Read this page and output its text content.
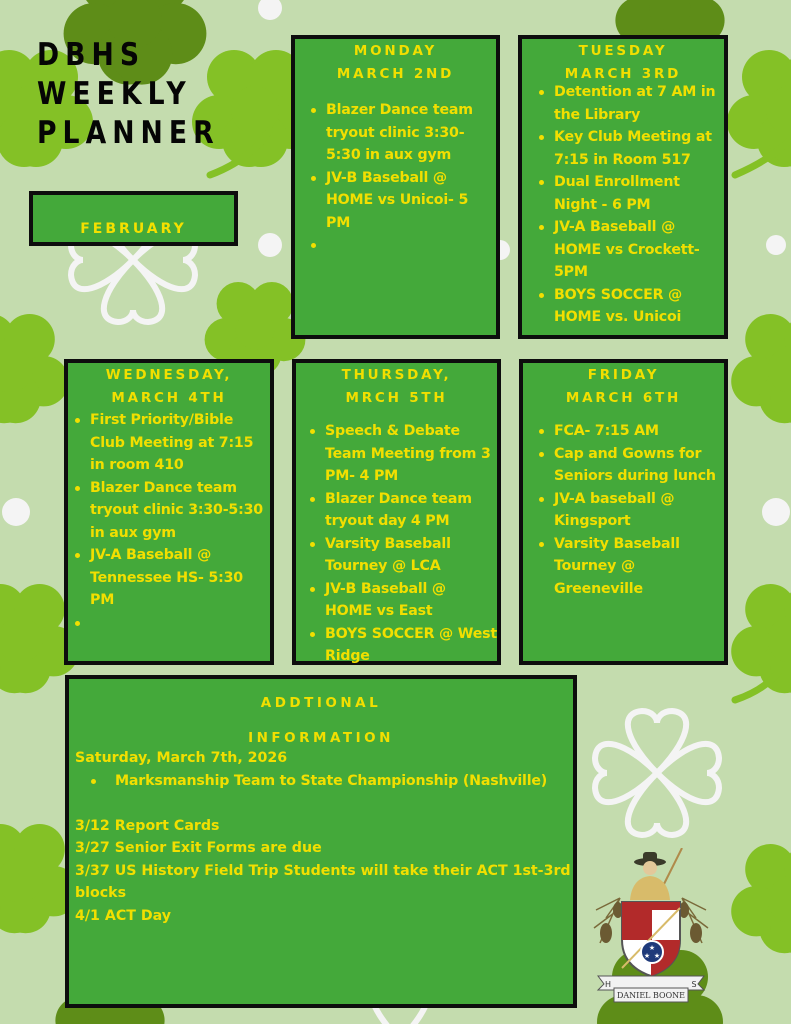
DBHS
WEEKLY
PLANNER
FEBRUARY
MONDAY
MARCH 2ND
Blazer Dance team tryout clinic 3:30-5:30 in aux gym
JV-B Baseball @ HOME vs Unicoi- 5 PM

TUESDAY
MARCH 3RD
Detention at 7 AM in the Library
Key Club Meeting at 7:15 in Room 517
Dual Enrollment Night - 6 PM
JV-A Baseball @ HOME vs Crockett- 5PM
BOYS SOCCER @ HOME vs. Unicoi
WEDNESDAY,
MARCH 4TH
First Priority/Bible Club Meeting at 7:15 in room 410
Blazer Dance team tryout clinic 3:30-5:30 in aux gym
JV-A Baseball @ Tennessee HS- 5:30 PM

THURSDAY,
MRCH 5TH
Speech & Debate Team Meeting from 3 PM- 4 PM
Blazer Dance team tryout day 4 PM
Varsity Baseball Tourney @ LCA
JV-B Baseball @ HOME vs East
BOYS SOCCER @ West Ridge
FRIDAY
MARCH 6TH
FCA- 7:15 AM
Cap and Gowns for Seniors during lunch
JV-A baseball @ Kingsport
Varsity Baseball Tourney @ Greeneville
ADDTIONAL
INFORMATION
Saturday, March 7th, 2026
Marksmanship Team to State Championship (Nashville)
3/12 Report Cards
3/27 Senior Exit Forms are due
3/37 US History Field Trip Students will take their ACT 1st-3rd
blocks
4/1 ACT Day
★
★ ★
H	S
DANIEL BOONE
